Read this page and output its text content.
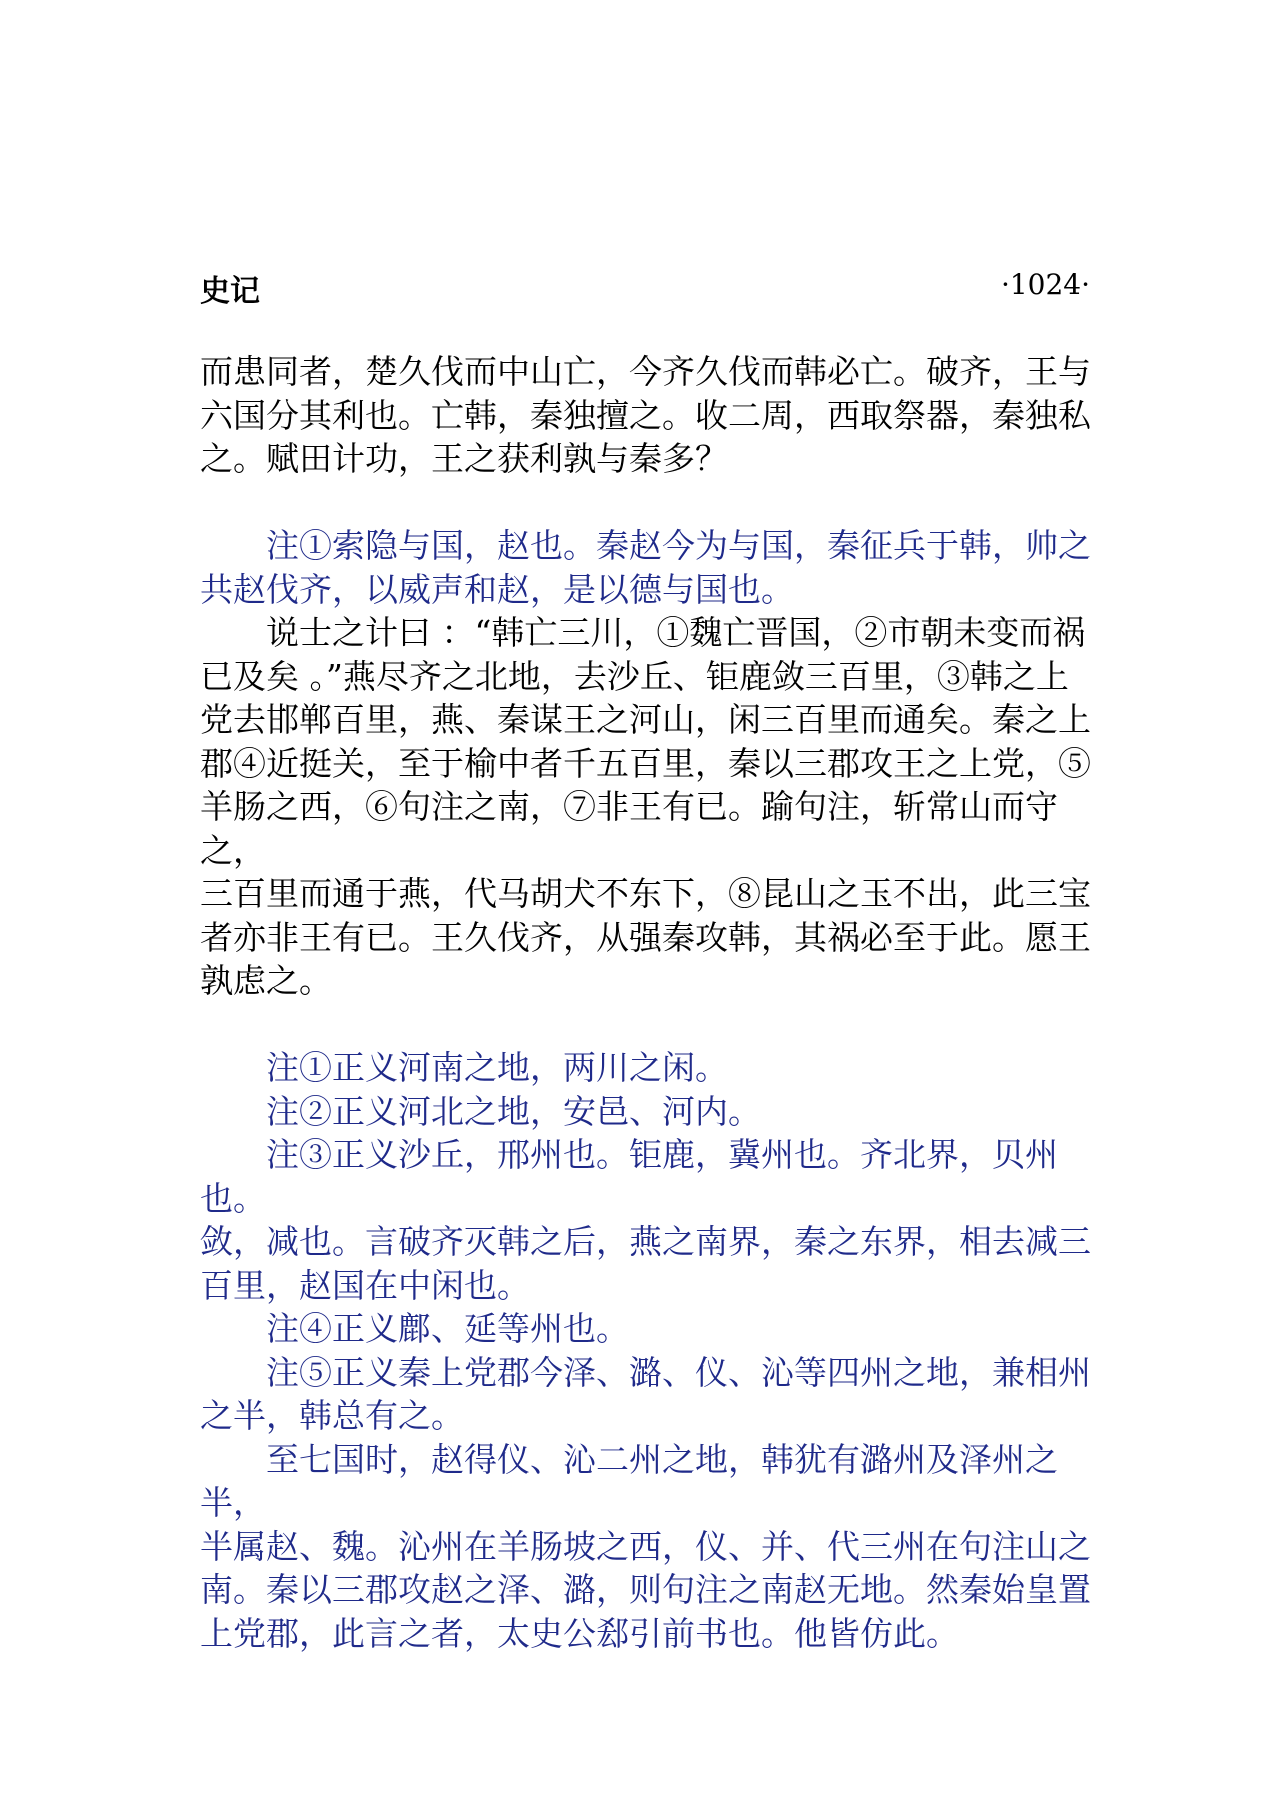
史记	·1024·
而患同者，楚久伐而中山亡，今齐久伐而韩必亡。破齐，王与
六国分其利也。亡韩，秦独擅之。收二周，西取祭器，秦独私
之。赋田计功，王之获利孰与秦多？
　　注①索隐与国，赵也。秦赵今为与国，秦征兵于韩，帅之
共赵伐齐，以威声和赵，是以德与国也。
　　说士之计曰 ：“韩亡三川，①魏亡晋国，②市朝未变而祸
已及矣 。”燕尽齐之北地，去沙丘、钜鹿敛三百里，③韩之上
党去邯郸百里，燕、秦谋王之河山，闲三百里而通矣。秦之上
郡④近挺关，至于榆中者千五百里，秦以三郡攻王之上党，⑤
羊肠之西，⑥句注之南，⑦非王有已。踰句注，斩常山而守之，
三百里而通于燕，代马胡犬不东下，⑧昆山之玉不出，此三宝
者亦非王有已。王久伐齐，从强秦攻韩，其祸必至于此。愿王
孰虑之。
　　注①正义河南之地，两川之闲。
　　注②正义河北之地，安邑、河内。
　　注③正义沙丘，邢州也。钜鹿，冀州也。齐北界，贝州也。
敛，减也。言破齐灭韩之后，燕之南界，秦之东界，相去减三
百里，赵国在中闲也。
　　注④正义鄜、延等州也。
　　注⑤正义秦上党郡今泽、潞、仪、沁等四州之地，兼相州
之半，韩总有之。
　　至七国时，赵得仪、沁二州之地，韩犹有潞州及泽州之半，
半属赵、魏。沁州在羊肠坡之西，仪、并、代三州在句注山之
南。秦以三郡攻赵之泽、潞，则句注之南赵无地。然秦始皇置
上党郡，此言之者，太史公郄引前书也。他皆仿此。
